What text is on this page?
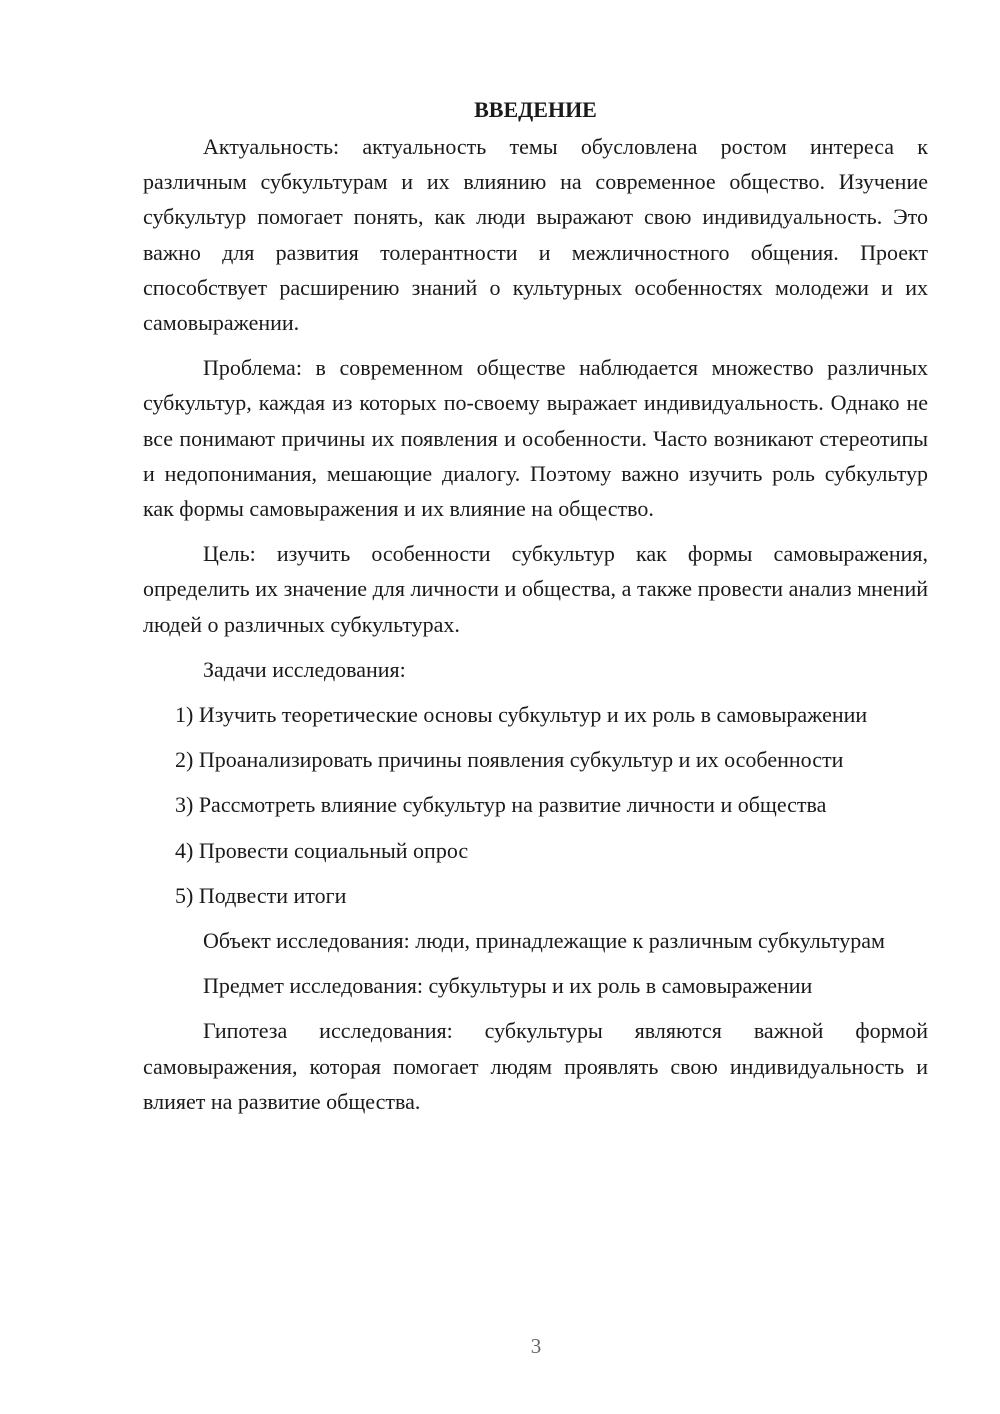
ВВЕДЕНИЕ

Актуальность: актуальность темы обусловлена ростом интереса к различным субкультурам и их влиянию на современное общество. Изучение субкультур помогает понять, как люди выражают свою индивидуальность. Это важно для развития толерантности и межличностного общения. Проект способствует расширению знаний о культурных особенностях молодежи и их самовыражении.

Проблема: в современном обществе наблюдается множество различных субкультур, каждая из которых по-своему выражает индивидуальность. Однако не все понимают причины их появления и особенности. Часто возникают стереотипы и недопонимания, мешающие диалогу. Поэтому важно изучить роль субкультур как формы самовыражения и их влияние на общество.

Цель: изучить особенности субкультур как формы самовыражения, определить их значение для личности и общества, а также провести анализ мнений людей о различных субкультурах.

Задачи исследования:

1) Изучить теоретические основы субкультур и их роль в самовыражении

2) Проанализировать причины появления субкультур и их особенности

3) Рассмотреть влияние субкультур на развитие личности и общества

4) Провести социальный опрос

5) Подвести итоги

Объект исследования: люди, принадлежащие к различным субкультурам

Предмет исследования: субкультуры и их роль в самовыражении

Гипотеза исследования: субкультуры являются важной формой самовыражения, которая помогает людям проявлять свою индивидуальность и влияет на развитие общества.

3
